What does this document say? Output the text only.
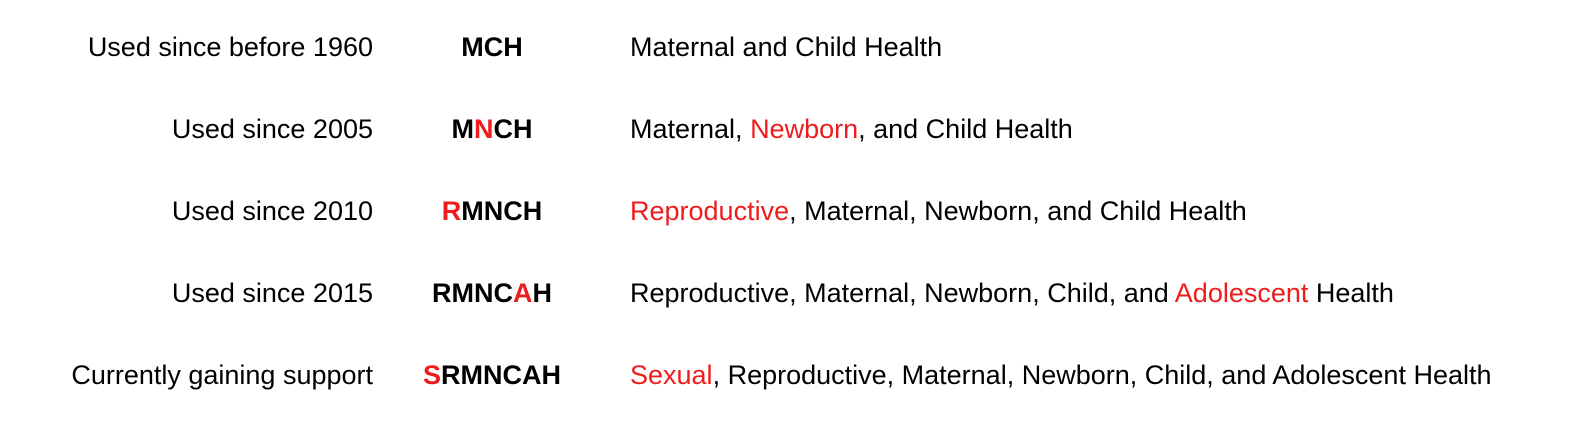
Used since before 1960	MCH	Maternal and Child Health
Used since 2005	MNCH	Maternal, Newborn, and Child Health
Used since 2010	RMNCH	Reproductive, Maternal, Newborn, and Child Health
Used since 2015	RMNCAH	Reproductive, Maternal, Newborn, Child, and Adolescent Health
Currently gaining support	SRMNCAH	Sexual, Reproductive, Maternal, Newborn, Child, and Adolescent Health
